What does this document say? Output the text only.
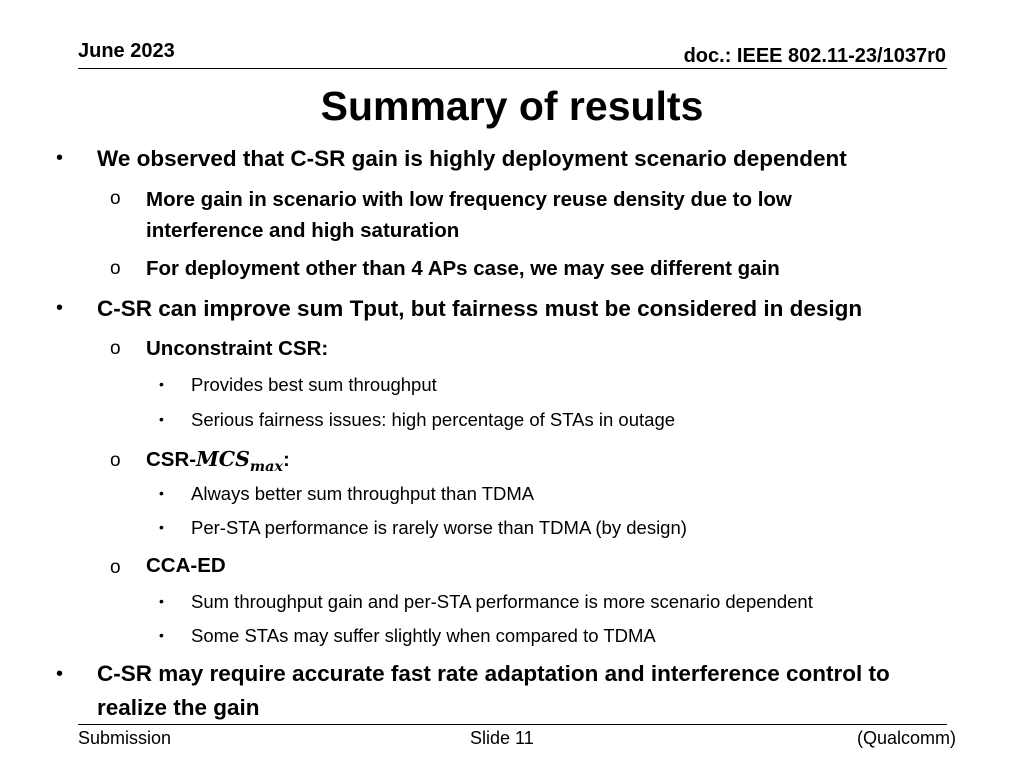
June 2023	doc.: IEEE 802.11-23/1037r0
Summary of results
• We observed that C-SR gain is highly deployment scenario dependent
o More gain in scenario with low frequency reuse density due to low
interference and high saturation
o For deployment other than 4 APs case, we may see different gain
• C-SR can improve sum Tput, but fairness must be considered in design
o Unconstraint CSR:
• Provides best sum throughput
• Serious fairness issues: high percentage of STAs in outage
o CSR-$MCS_{max}$:
• Always better sum throughput than TDMA
• Per-STA performance is rarely worse than TDMA (by design)
o CCA-ED
• Sum throughput gain and per-STA performance is more scenario dependent
• Some STAs may suffer slightly when compared to TDMA
• C-SR may require accurate fast rate adaptation and interference control to
realize the gain
Submission	Slide 11	(Qualcomm)
